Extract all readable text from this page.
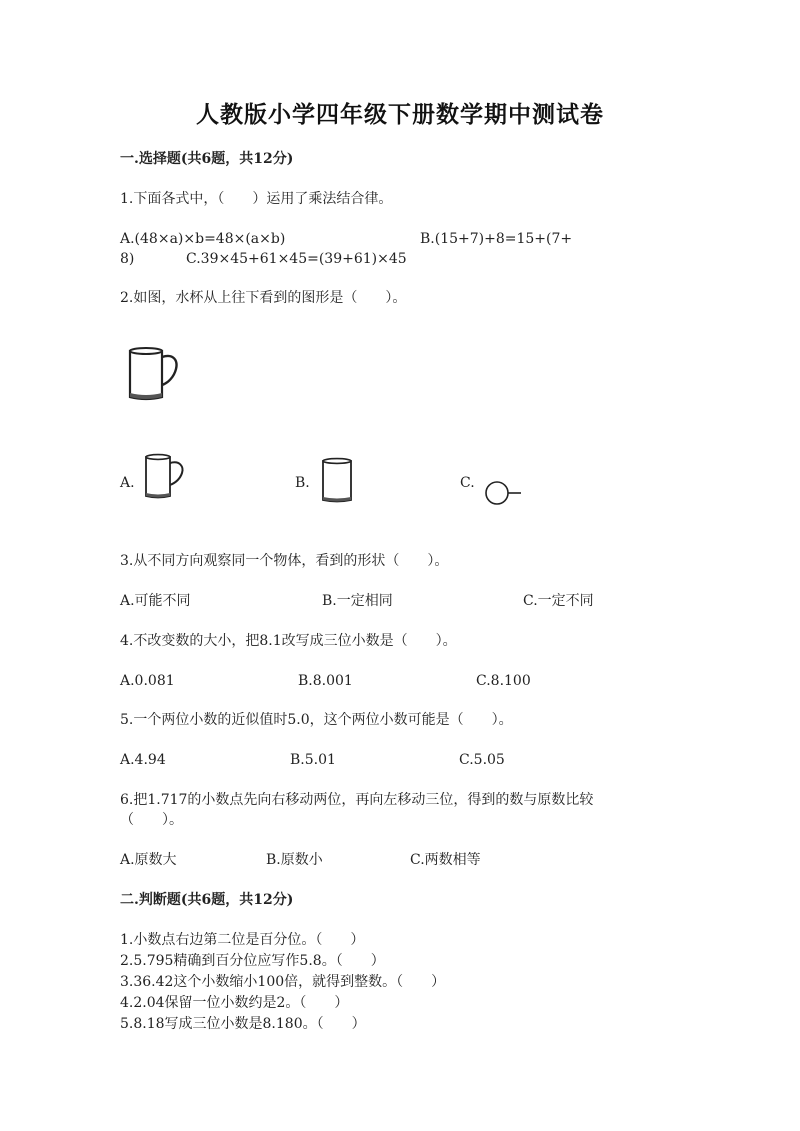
人教版小学四年级下册数学期中测试卷
一.选择题(共6题，共12分)
1.下面各式中，（　　）运用了乘法结合律。
A.(48×a)×b=48×(a×b)	B.(15+7)+8=15+(7+
8)	C.39×45+61×45=(39+61)×45
2.如图，水杯从上往下看到的图形是（　　）。
A.	B.	C.
3.从不同方向观察同一个物体，看到的形状（　　）。
A.可能不同	B.一定相同	C.一定不同
4.不改变数的大小，把8.1改写成三位小数是（　　）。
A.0.081	B.8.001	C.8.100
5.一个两位小数的近似值时5.0，这个两位小数可能是（　　）。
A.4.94	B.5.01	C.5.05
6.把1.717的小数点先向右移动两位，再向左移动三位，得到的数与原数比较
（　　）。
A.原数大	B.原数小	C.两数相等
二.判断题(共6题，共12分)
1.小数点右边第二位是百分位。（　　）
2.5.795精确到百分位应写作5.8。（　　）
3.36.42这个小数缩小100倍，就得到整数。（　　）
4.2.04保留一位小数约是2。（　　）
5.8.18写成三位小数是8.180。（　　）
